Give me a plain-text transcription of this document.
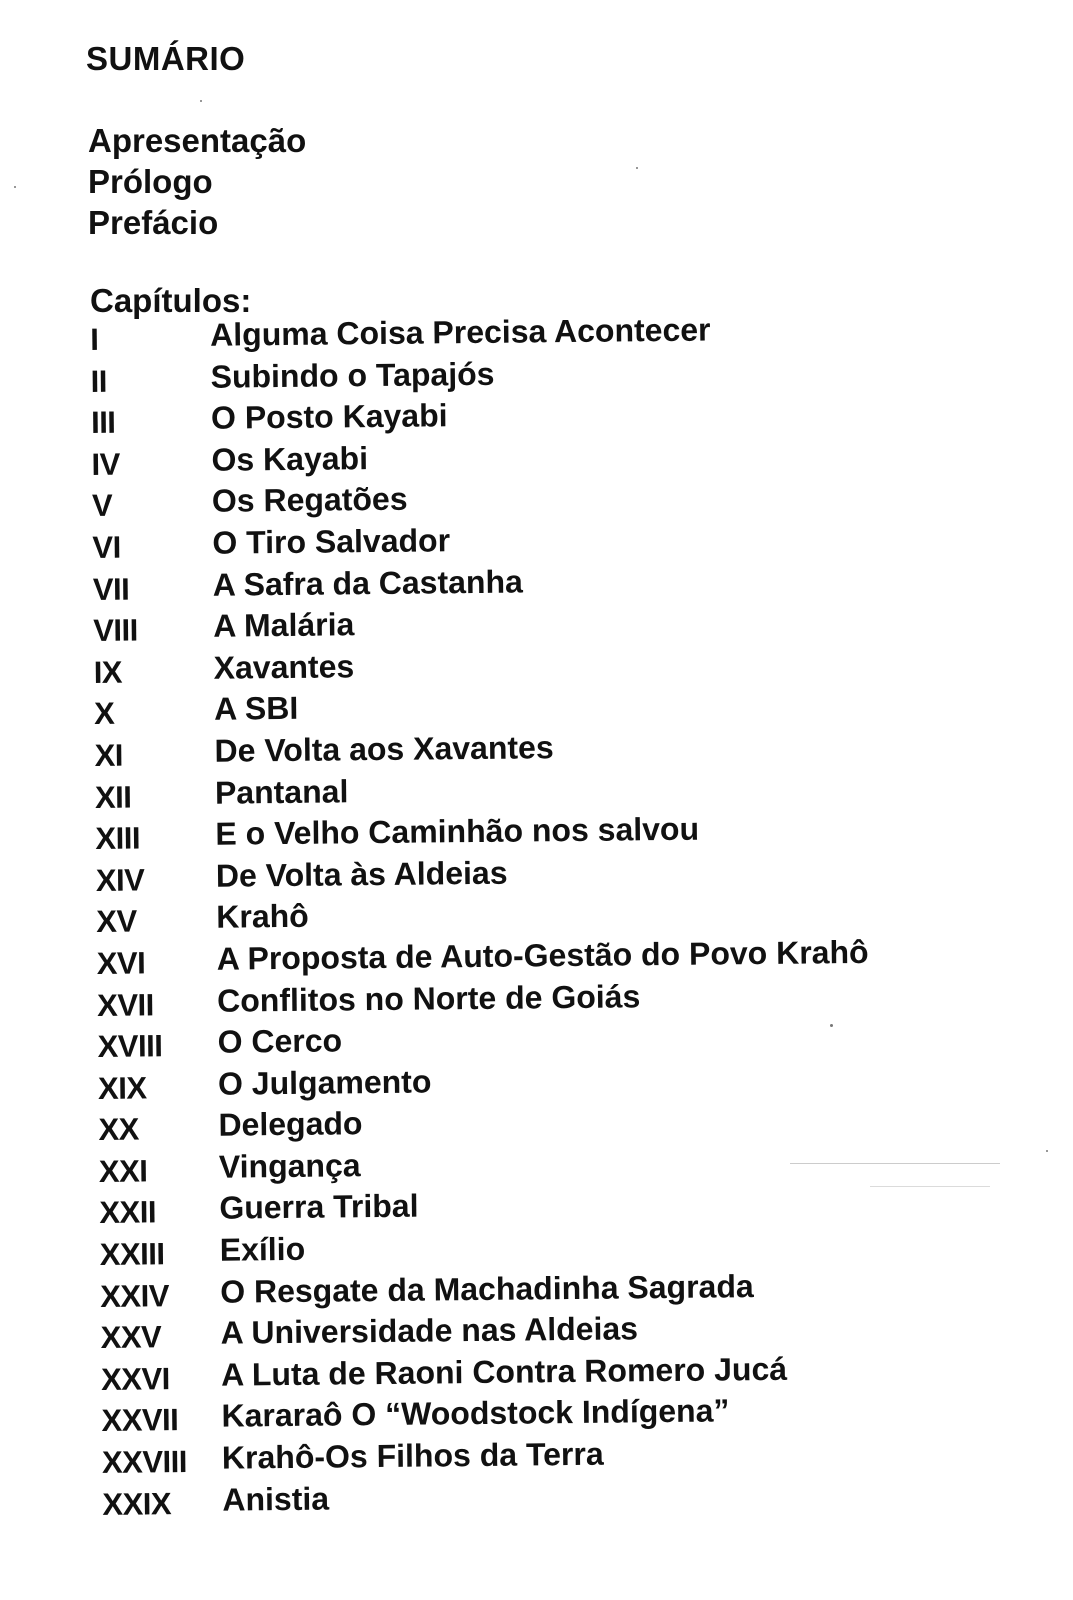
SUMÁRIO
Apresentação
Prólogo
Prefácio
Capítulos:
I	Alguma Coisa Precisa Acontecer
II	Subindo o Tapajós
III	O Posto Kayabi
IV	Os Kayabi
V	Os Regatões
VI	O Tiro Salvador
VII	A Safra da Castanha
VIII	A Malária
IX	Xavantes
X	A SBI
XI	De Volta aos Xavantes
XII	Pantanal
XIII	E o Velho Caminhão nos salvou
XIV	De Volta às Aldeias
XV	Krahô
XVI	A Proposta de Auto-Gestão do Povo Krahô
XVII	Conflitos no Norte de Goiás
XVIII	O Cerco
XIX	O Julgamento
XX	Delegado
XXI	Vingança
XXII	Guerra Tribal
XXIII	Exílio
XXIV	O Resgate da Machadinha Sagrada
XXV	A Universidade nas Aldeias
XXVI	A Luta de Raoni Contra Romero Jucá
XXVII	Kararaô O “Woodstock Indígena”
XXVIII	Krahô-Os Filhos da Terra
XXIX	Anistia
